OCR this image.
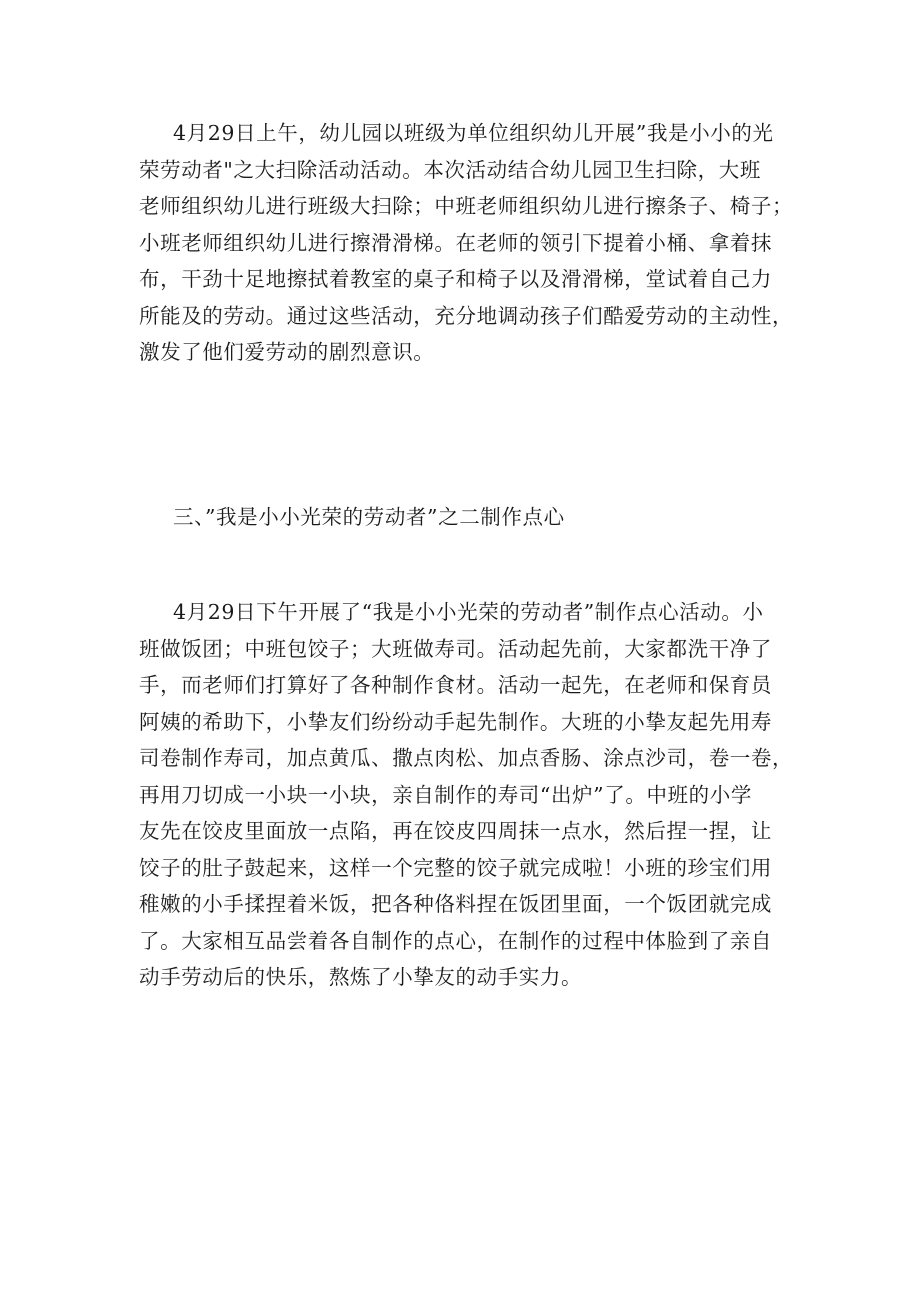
4月29日上午，幼儿园以班级为单位组织幼儿开展”我是小小的光
荣劳动者"之大扫除活动活动。本次活动结合幼儿园卫生扫除，大班
老师组织幼儿进行班级大扫除；中班老师组织幼儿进行擦条子、椅子；
小班老师组织幼儿进行擦滑滑梯。在老师的领引下提着小桶、拿着抹
布，干劲十足地擦拭着教室的桌子和椅子以及滑滑梯，堂试着自己力
所能及的劳动。通过这些活动，充分地调动孩子们酷爱劳动的主动性，
激发了他们爱劳动的剧烈意识。
三、”我是小小光荣的劳动者”之二制作点心
4月29日下午开展了“我是小小光荣的劳动者”制作点心活动。小
班做饭团；中班包饺子；大班做寿司。活动起先前，大家都洗干净了
手，而老师们打算好了各种制作食材。活动一起先，在老师和保育员
阿姨的希助下，小挚友们纷纷动手起先制作。大班的小挚友起先用寿
司卷制作寿司，加点黄瓜、撒点肉松、加点香肠、涂点沙司，卷一卷，
再用刀切成一小块一小块，亲自制作的寿司“出炉”了。中班的小学
友先在饺皮里面放一点陷，再在饺皮四周抹一点水，然后捏一捏，让
饺子的肚子鼓起来，这样一个完整的饺子就完成啦！小班的珍宝们用
稚嫩的小手揉捏着米饭，把各种佫料捏在饭团里面，一个饭团就完成
了。大家相互品尝着各自制作的点心，在制作的过程中体脸到了亲自
动手劳动后的快乐，熬炼了小挚友的动手实力。
